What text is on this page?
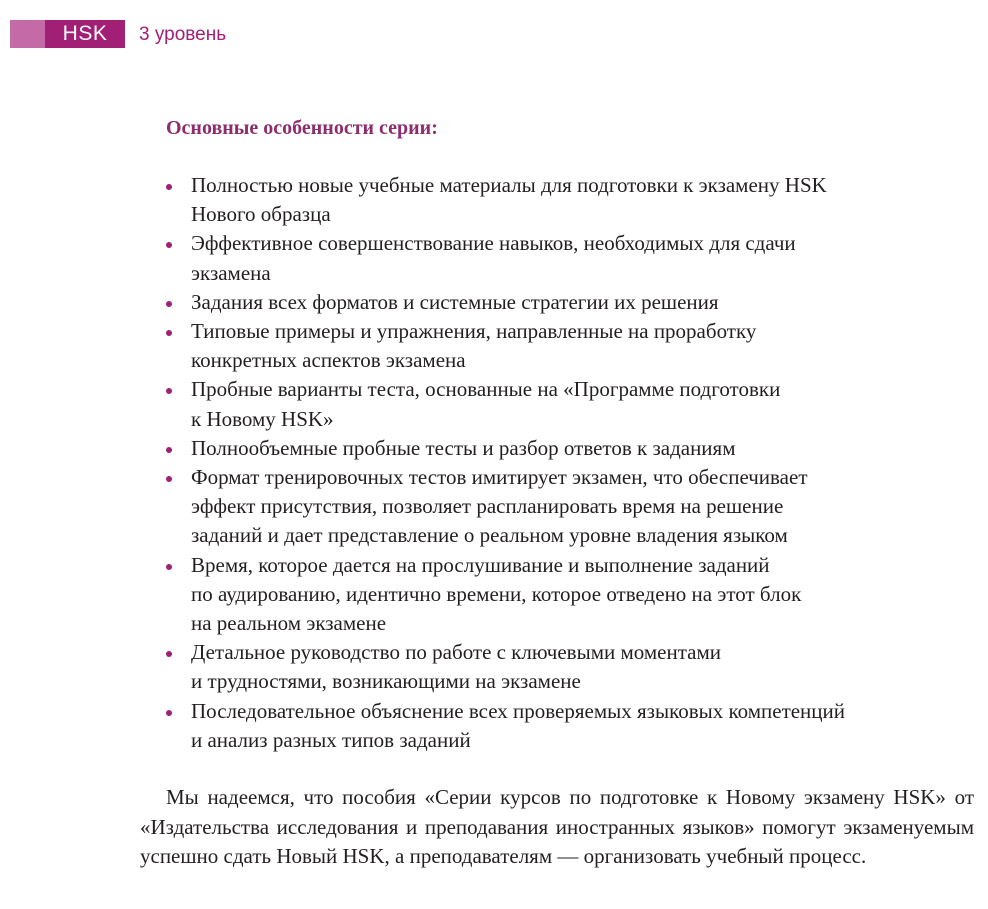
HSK	3 уровень
Основные особенности серии:
Полностью новые учебные материалы для подготовки к экзамену HSK
Нового образца
Эффективное совершенствование навыков, необходимых для сдачи
экзамена
Задания всех форматов и системные стратегии их решения
Типовые примеры и упражнения, направленные на проработку
конкретных аспектов экзамена
Пробные варианты теста, основанные на «Программе подготовки
к Новому HSK»
Полнообъемные пробные тесты и разбор ответов к заданиям
Формат тренировочных тестов имитирует экзамен, что обеспечивает
эффект присутствия, позволяет распланировать время на решение
заданий и дает представление о реальном уровне владения языком
Время, которое дается на прослушивание и выполнение заданий
по аудированию, идентично времени, которое отведено на этот блок
на реальном экзамене
Детальное руководство по работе с ключевыми моментами
и трудностями, возникающими на экзамене
Последовательное объяснение всех проверяемых языковых компетенций
и анализ разных типов заданий

Мы надеемся, что пособия «Серии курсов по подготовке к Новому экзамену HSK» от «Издательства исследования и преподавания иностранных языков» помогут экзаменуемым успешно сдать Новый HSK, а преподавателям — организовать учебный процесс.
